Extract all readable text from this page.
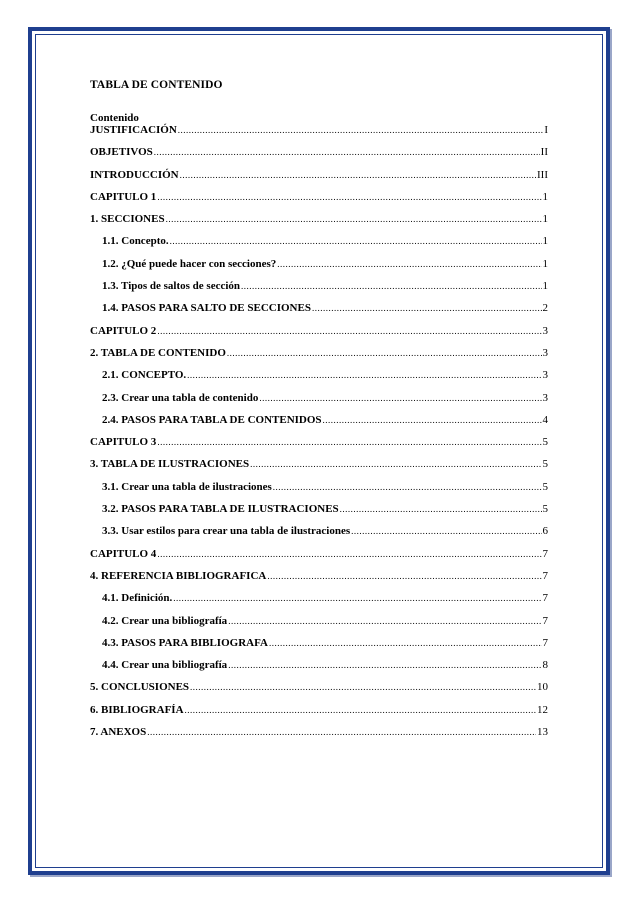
TABLA DE CONTENIDO
Contenido
JUSTIFICACIÓN .....	I
OBJETIVOS .....	II
INTRODUCCIÓN .....	III
CAPITULO 1 .....	1
1. SECCIONES .....	1
1.1. Concepto. .....	1
1.2. ¿Qué puede hacer con secciones? .....	1
1.3. Tipos de saltos de sección .....	1
1.4. PASOS PARA SALTO DE SECCIONES .....	2
CAPITULO 2 .....	3
2. TABLA DE CONTENIDO .....	3
2.1. CONCEPTO. .....	3
2.3. Crear una tabla de contenido .....	3
2.4. PASOS PARA TABLA DE CONTENIDOS .....	4
CAPITULO 3 .....	5
3. TABLA DE ILUSTRACIONES .....	5
3.1. Crear una tabla de ilustraciones .....	5
3.2. PASOS PARA TABLA DE ILUSTRACIONES .....	5
3.3. Usar estilos para crear una tabla de ilustraciones .....	6
CAPITULO 4 .....	7
4. REFERENCIA BIBLIOGRAFICA .....	7
4.1. Definición. .....	7
4.2. Crear una bibliografía .....	7
4.3. PASOS PARA BIBLIOGRAFA .....	7
4.4. Crear una bibliografía .....	8
5. CONCLUSIONES .....	10
6. BIBLIOGRAFÍA .....	12
7. ANEXOS .....	13
